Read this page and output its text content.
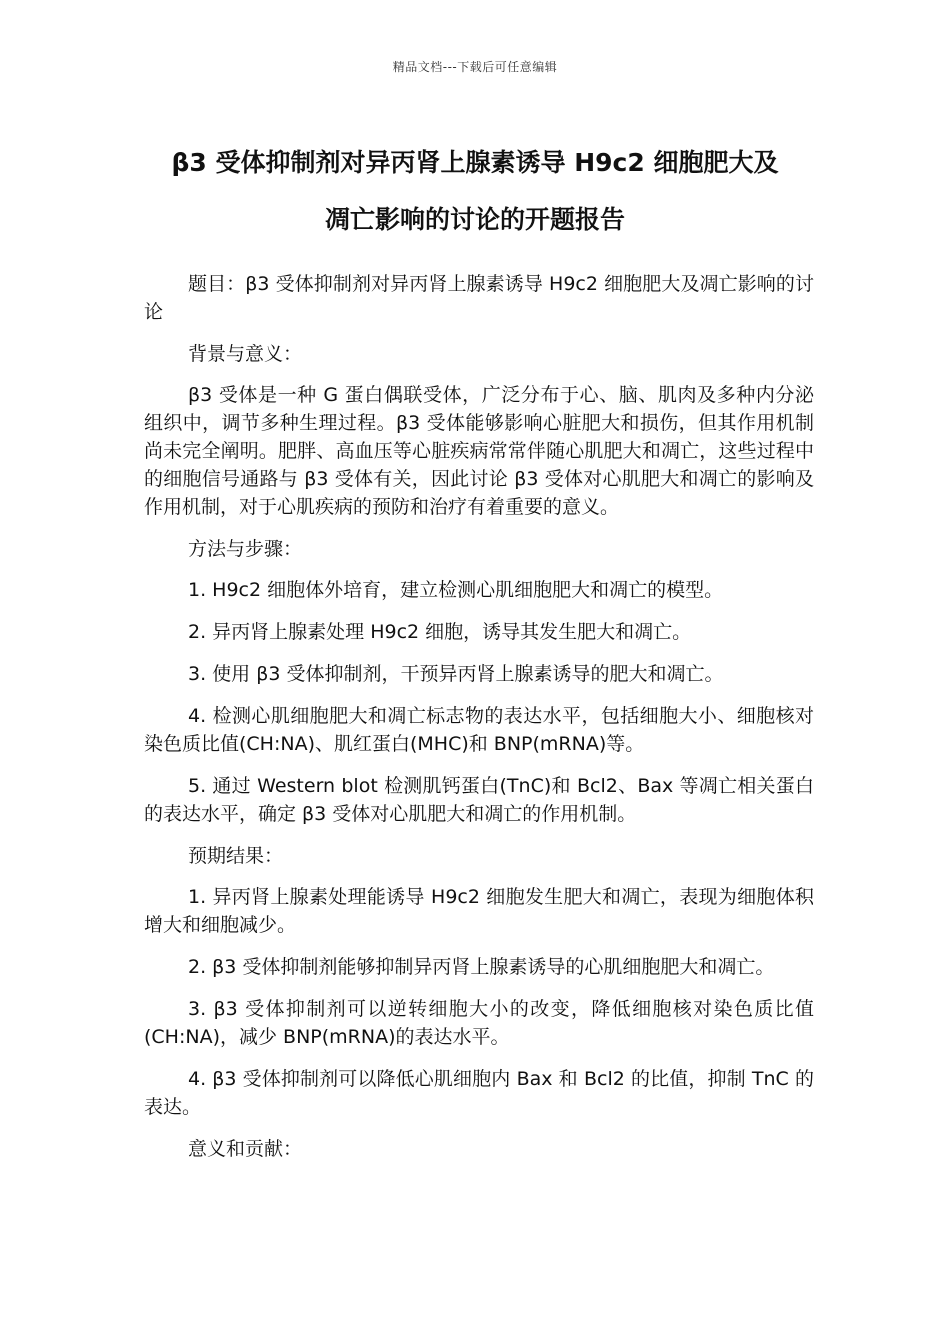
精品文档---下载后可任意编辑
β3 受体抑制剂对异丙肾上腺素诱导 H9c2 细胞肥大及
凋亡影响的讨论的开题报告

题目：β3 受体抑制剂对异丙肾上腺素诱导 H9c2 细胞肥大及凋亡影响的讨论

背景与意义：

β3 受体是一种 G 蛋白偶联受体，广泛分布于心、脑、肌肉及多种内分泌组织中，调节多种生理过程。β3 受体能够影响心脏肥大和损伤，但其作用机制尚未完全阐明。肥胖、高血压等心脏疾病常常伴随心肌肥大和凋亡，这些过程中的细胞信号通路与 β3 受体有关，因此讨论 β3 受体对心肌肥大和凋亡的影响及作用机制，对于心肌疾病的预防和治疗有着重要的意义。

方法与步骤：

1. H9c2 细胞体外培育，建立检测心肌细胞肥大和凋亡的模型。

2. 异丙肾上腺素处理 H9c2 细胞，诱导其发生肥大和凋亡。

3. 使用 β3 受体抑制剂，干预异丙肾上腺素诱导的肥大和凋亡。

4. 检测心肌细胞肥大和凋亡标志物的表达水平，包括细胞大小、细胞核对染色质比值(CH:NA)、肌红蛋白(MHC)和 BNP(mRNA)等。

5. 通过 Western blot 检测肌钙蛋白(TnC)和 Bcl2、Bax 等凋亡相关蛋白的表达水平，确定 β3 受体对心肌肥大和凋亡的作用机制。

预期结果：

1. 异丙肾上腺素处理能诱导 H9c2 细胞发生肥大和凋亡，表现为细胞体积增大和细胞减少。

2. β3 受体抑制剂能够抑制异丙肾上腺素诱导的心肌细胞肥大和凋亡。

3. β3 受体抑制剂可以逆转细胞大小的改变，降低细胞核对染色质比值(CH:NA)，减少 BNP(mRNA)的表达水平。

4. β3 受体抑制剂可以降低心肌细胞内 Bax 和 Bcl2 的比值，抑制 TnC 的表达。

意义和贡献：
